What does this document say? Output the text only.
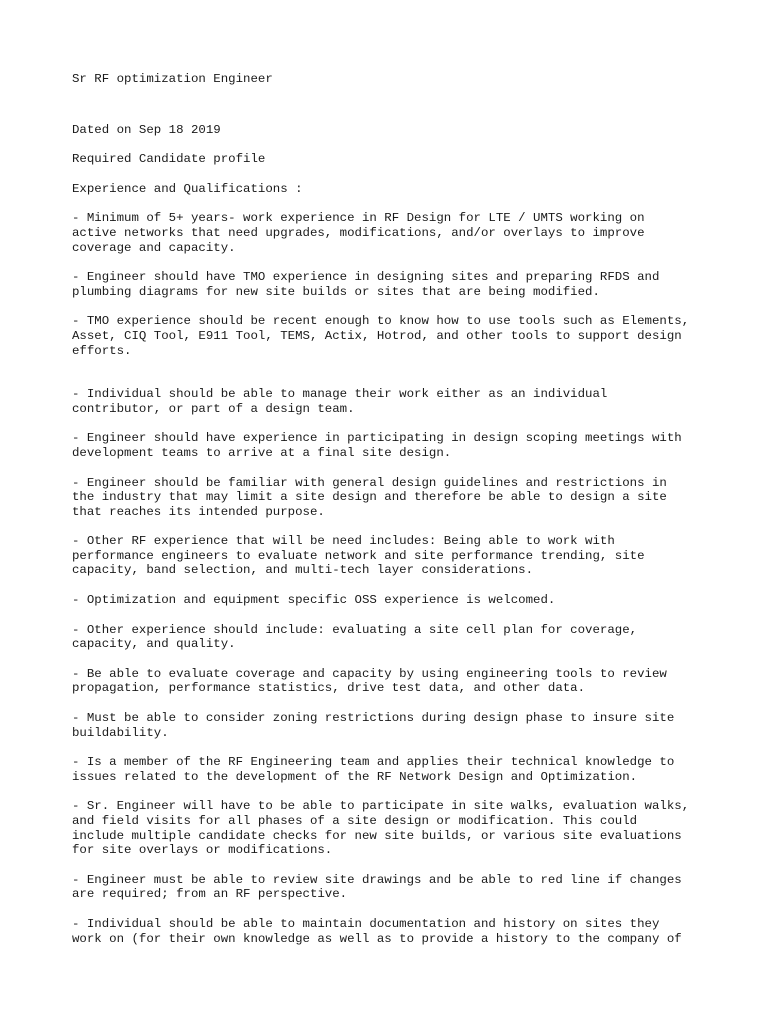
Sr RF optimization Engineer

Dated on Sep 18 2019

Required Candidate profile

Experience and Qualifications :

- Minimum of 5+ years- work experience in RF Design for LTE / UMTS working on
active networks that need upgrades, modifications, and/or overlays to improve
coverage and capacity.

- Engineer should have TMO experience in designing sites and preparing RFDS and
plumbing diagrams for new site builds or sites that are being modified.

- TMO experience should be recent enough to know how to use tools such as Elements,
Asset, CIQ Tool, E911 Tool, TEMS, Actix, Hotrod, and other tools to support design
efforts.

- Individual should be able to manage their work either as an individual
contributor, or part of a design team.

- Engineer should have experience in participating in design scoping meetings with
development teams to arrive at a final site design.

- Engineer should be familiar with general design guidelines and restrictions in
the industry that may limit a site design and therefore be able to design a site
that reaches its intended purpose.

- Other RF experience that will be need includes: Being able to work with
performance engineers to evaluate network and site performance trending, site
capacity, band selection, and multi-tech layer considerations.

- Optimization and equipment specific OSS experience is welcomed.

- Other experience should include: evaluating a site cell plan for coverage,
capacity, and quality.

- Be able to evaluate coverage and capacity by using engineering tools to review
propagation, performance statistics, drive test data, and other data.

- Must be able to consider zoning restrictions during design phase to insure site
buildability.

- Is a member of the RF Engineering team and applies their technical knowledge to
issues related to the development of the RF Network Design and Optimization.

- Sr. Engineer will have to be able to participate in site walks, evaluation walks,
and field visits for all phases of a site design or modification. This could
include multiple candidate checks for new site builds, or various site evaluations
for site overlays or modifications.

- Engineer must be able to review site drawings and be able to red line if changes
are required; from an RF perspective.

- Individual should be able to maintain documentation and history on sites they
work on (for their own knowledge as well as to provide a history to the company of
